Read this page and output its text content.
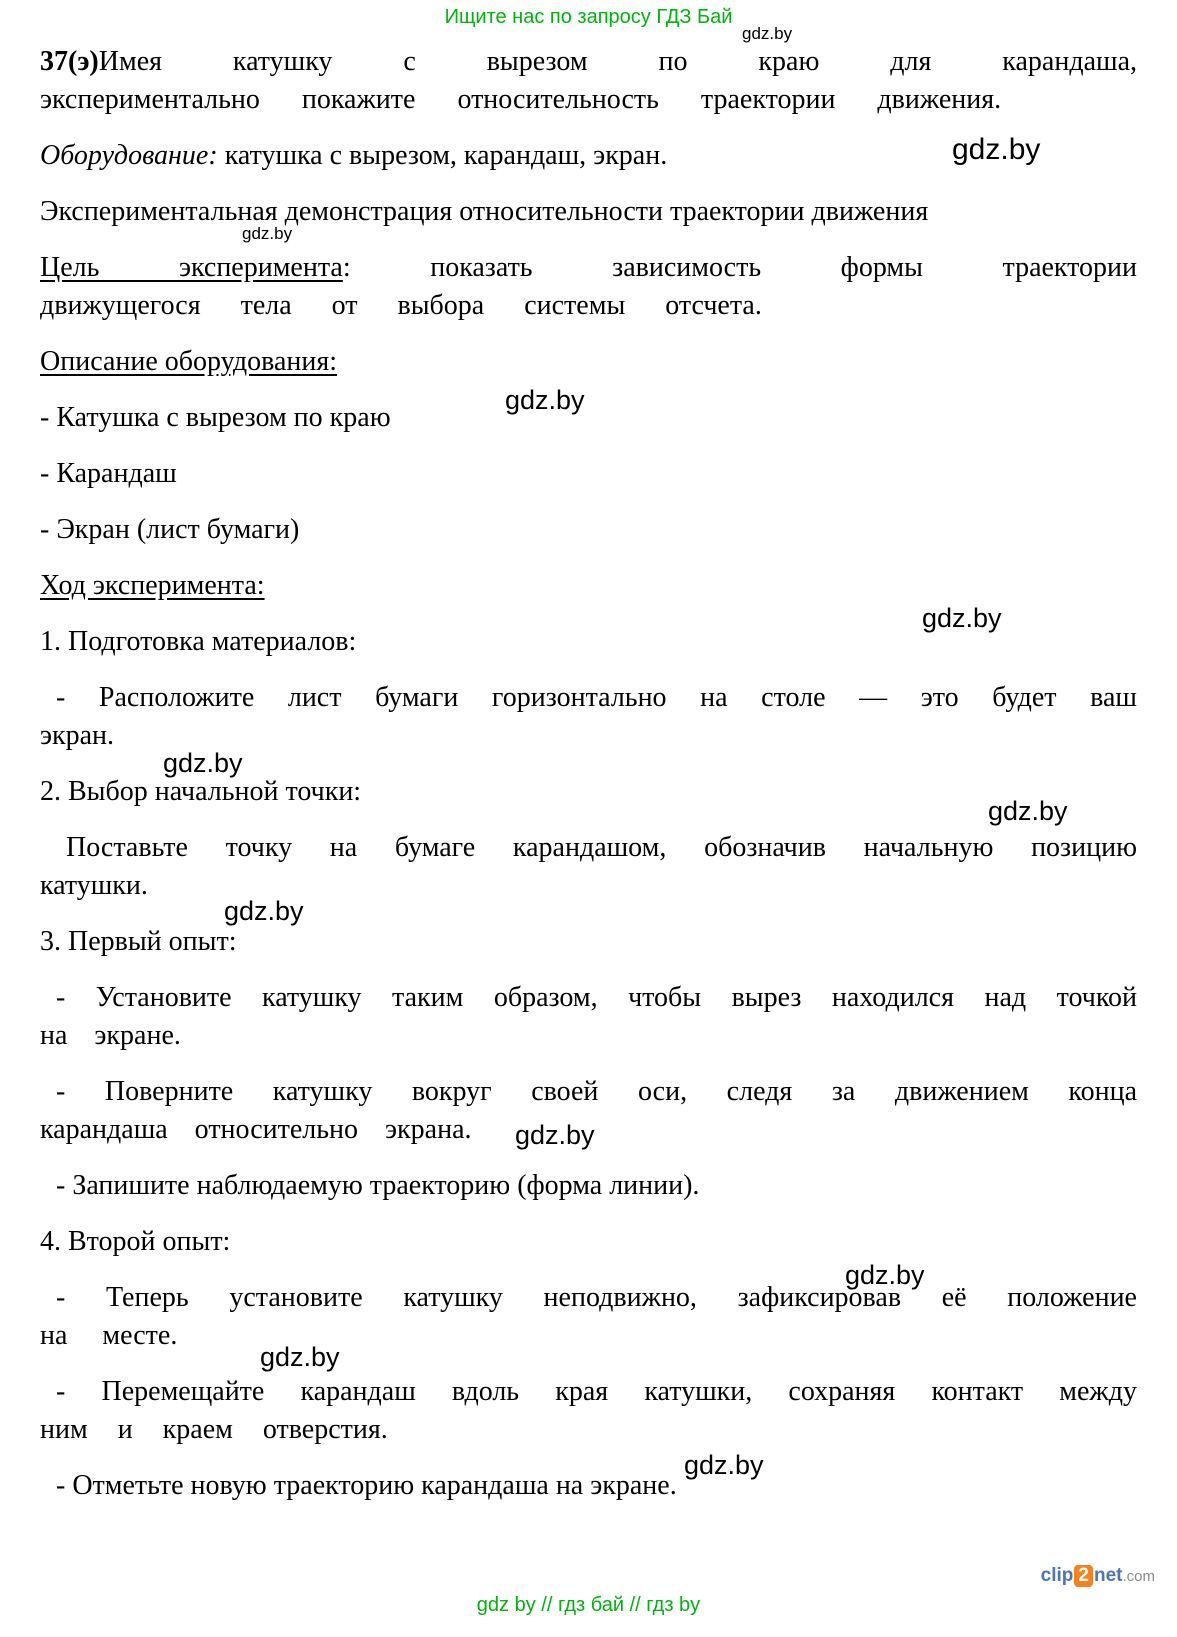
Ищите нас по запросу ГДЗ Бай

37(э)Имея катушку с вырезом по краю для карандаша, экспериментально покажите относительность траектории движения.

Оборудование: катушка с вырезом, карандаш, экран.

Экспериментальная демонстрация относительности траектории движения

Цель эксперимента: показать зависимость формы траектории движущегося тела от выбора системы отсчета.

Описание оборудования:

- Катушка с вырезом по краю

- Карандаш

- Экран (лист бумаги)

Ход эксперимента:

1. Подготовка материалов:

- Расположите лист бумаги горизонтально на столе — это будет ваш экран.

2. Выбор начальной точки:

Поставьте точку на бумаге карандашом, обозначив начальную позицию катушки.

3. Первый опыт:

- Установите катушку таким образом, чтобы вырез находился над точкой на экране.

- Поверните катушку вокруг своей оси, следя за движением конца карандаша относительно экрана.

- Запишите наблюдаемую траекторию (форма линии).

4. Второй опыт:

- Теперь установите катушку неподвижно, зафиксировав её положение на месте.

- Перемещайте карандаш вдоль края катушки, сохраняя контакт между ним и краем отверстия.

- Отметьте новую траекторию карандаша на экране.

gdz.by
gdz.by
gdz.by
gdz.by
gdz.by
gdz.by
gdz.by
gdz.by
gdz.by
gdz.by
gdz.by
gdz.by
gdz by // гдз бай // гдз by
clip 2 net.com
